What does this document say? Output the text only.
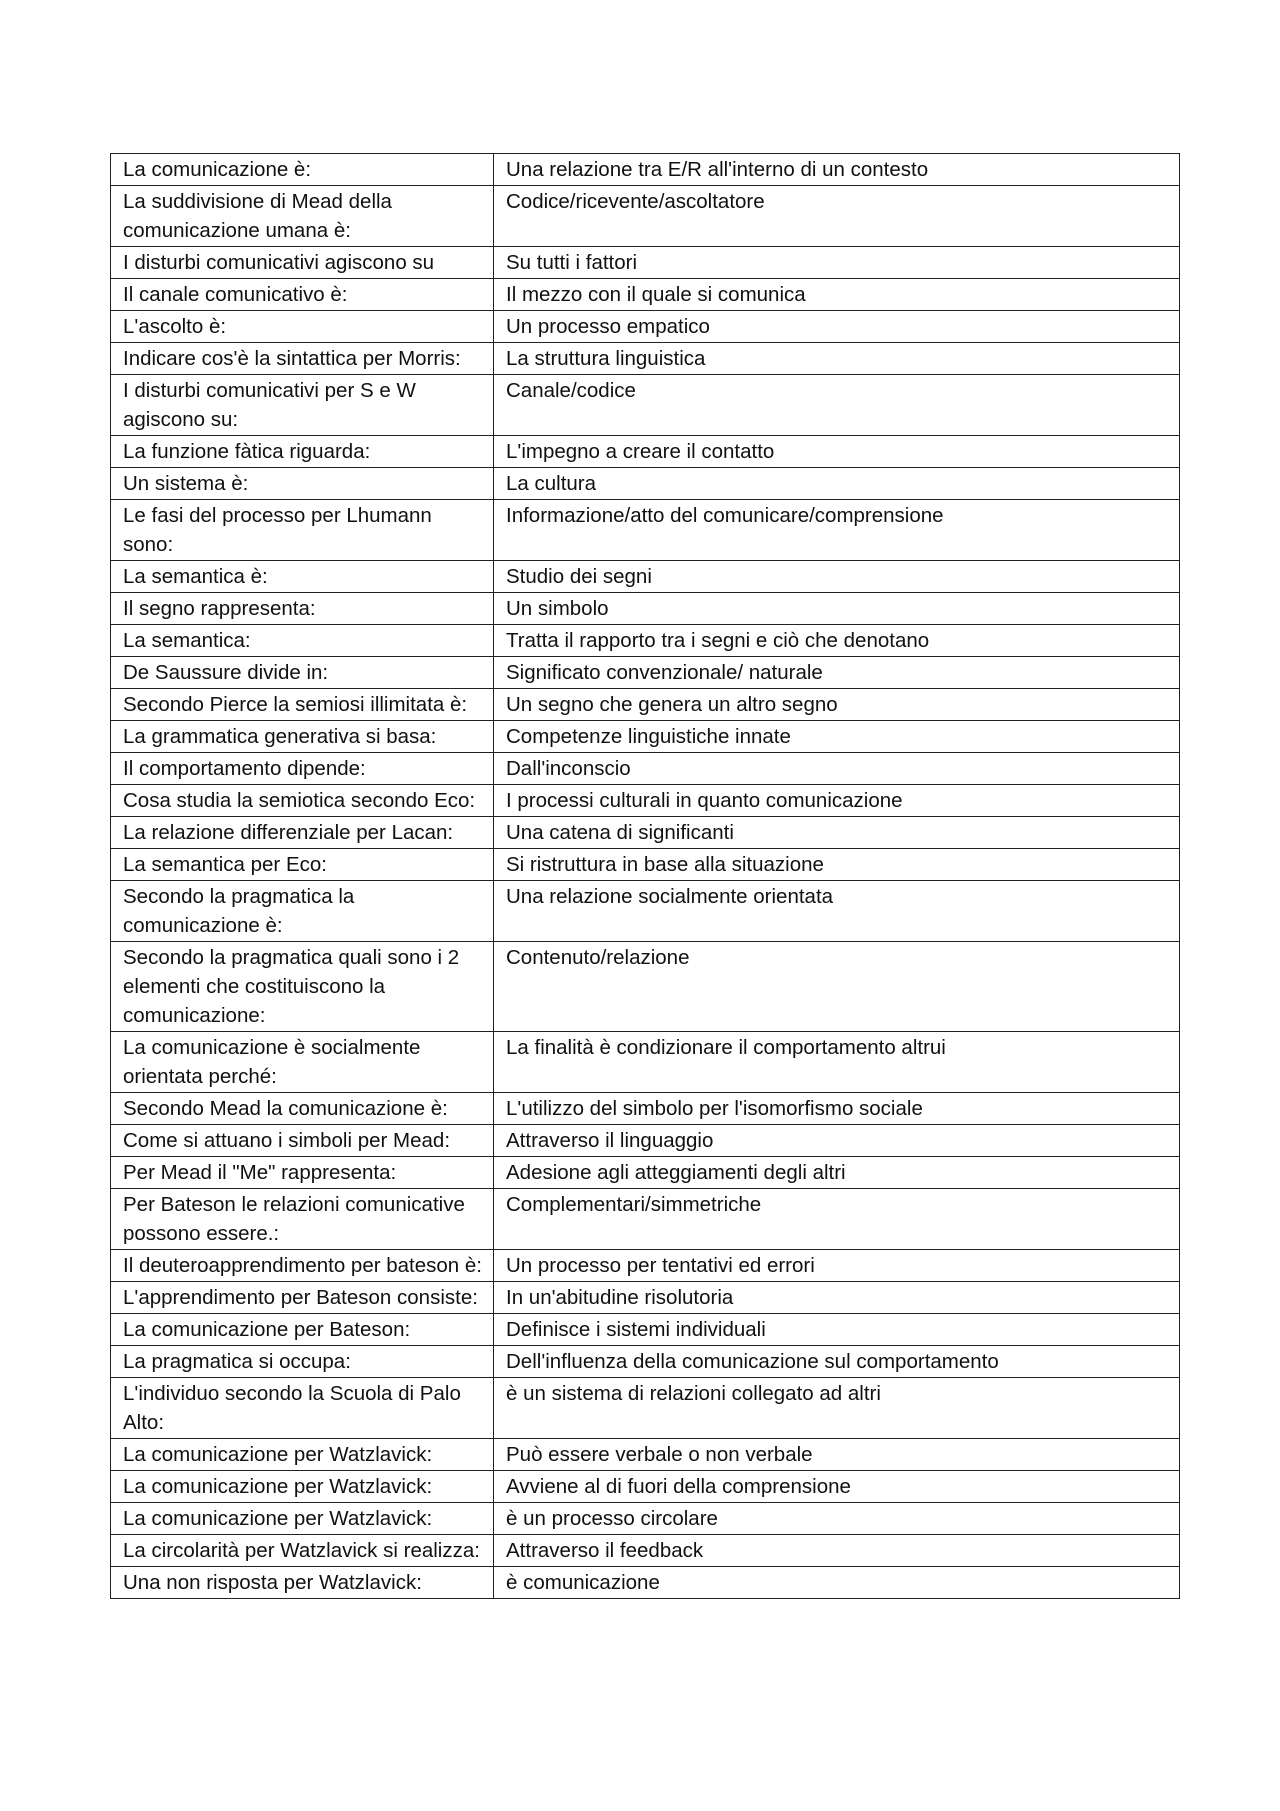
La comunicazione è:	Una relazione tra E/R all'interno di un contesto
La suddivisione di Mead della comunicazione umana è:	Codice/ricevente/ascoltatore
I disturbi comunicativi agiscono su	Su tutti i fattori
Il canale comunicativo è:	Il mezzo con il quale si comunica
L'ascolto è:	Un processo empatico
Indicare cos'è la sintattica per Morris:	La struttura linguistica
I disturbi comunicativi per S e W agiscono su:	Canale/codice
La funzione fàtica riguarda:	L'impegno a creare il contatto
Un sistema è:	La cultura
Le fasi del processo per Lhumann sono:	Informazione/atto del comunicare/comprensione
La semantica è:	Studio dei segni
Il segno rappresenta:	Un simbolo
La semantica:	Tratta il rapporto tra i segni e ciò che denotano
De Saussure divide in:	Significato convenzionale/ naturale
Secondo Pierce la semiosi illimitata è:	Un segno che genera un altro segno
La grammatica generativa si basa:	Competenze linguistiche innate
Il comportamento dipende:	Dall'inconscio
Cosa studia la semiotica secondo Eco:	I processi culturali in quanto comunicazione
La relazione differenziale per Lacan:	Una catena di significanti
La semantica per Eco:	Si ristruttura in base alla situazione
Secondo la pragmatica la comunicazione è:	Una relazione socialmente orientata
Secondo la pragmatica quali sono i 2 elementi che costituiscono la comunicazione:	Contenuto/relazione
La comunicazione è socialmente orientata perché:	La finalità è condizionare il comportamento altrui
Secondo Mead la comunicazione è:	L'utilizzo del simbolo per l'isomorfismo sociale
Come si attuano i simboli per Mead:	Attraverso il linguaggio
Per Mead il "Me" rappresenta:	Adesione agli atteggiamenti degli altri
Per Bateson le relazioni comunicative possono essere.:	Complementari/simmetriche
Il deuteroapprendimento per bateson è:	Un processo per tentativi ed errori
L'apprendimento per Bateson consiste:	In un'abitudine risolutoria
La comunicazione per Bateson:	Definisce i sistemi individuali
La pragmatica si occupa:	Dell'influenza della comunicazione sul comportamento
L'individuo secondo la Scuola di Palo Alto:	è un sistema di relazioni collegato ad altri
La comunicazione per Watzlavick:	Può essere verbale o non verbale
La comunicazione per Watzlavick:	Avviene al di fuori della comprensione
La comunicazione per Watzlavick:	è un processo circolare
La circolarità per Watzlavick si realizza:	Attraverso il feedback
Una non risposta per Watzlavick:	è comunicazione
